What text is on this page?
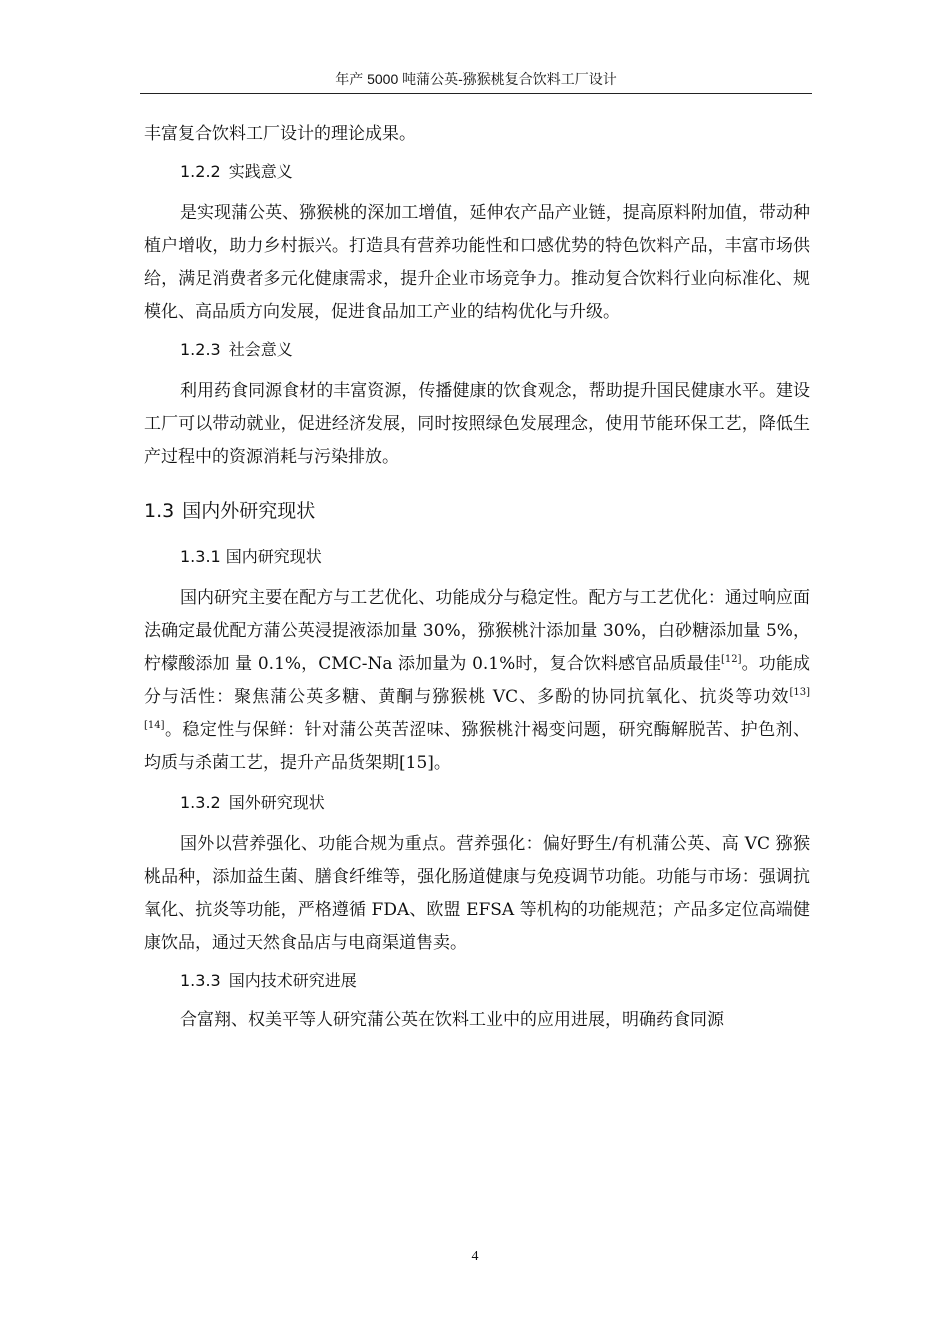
年产 5000 吨蒲公英-猕猴桃复合饮料工厂设计

丰富复合饮料工厂设计的理论成果。

1.2.2 实践意义

是实现蒲公英、猕猴桃的深加工增值，延伸农产品产业链，提高原料附加值，带动种植户增收，助力乡村振兴。打造具有营养功能性和口感优势的特色饮料产品，丰富市场供给，满足消费者多元化健康需求，提升企业市场竞争力。推动复合饮料行业向标准化、规模化、高品质方向发展，促进食品加工产业的结构优化与升级。

1.2.3 社会意义

利用药食同源食材的丰富资源，传播健康的饮食观念，帮助提升国民健康水平。建设工厂可以带动就业，促进经济发展，同时按照绿色发展理念，使用节能环保工艺，降低生产过程中的资源消耗与污染排放。

1.3 国内外研究现状
1.3.1 国内研究现状

国内研究主要在配方与工艺优化、功能成分与稳定性。配方与工艺优化：通过响应面法确定最优配方蒲公英浸提液添加量 30%，猕猴桃汁添加量 30%，白砂糖添加量 5%，柠檬酸添加 量 0.1%，CMC-Na 添加量为 0.1%时，复合饮料感官品质最佳[12]。功能成分与活性：聚焦蒲公英多糖、黄酮与猕猴桃 VC、多酚的协同抗氧化、抗炎等功效[13][14]。稳定性与保鲜：针对蒲公英苦涩味、猕猴桃汁褐变问题，研究酶解脱苦、护色剂、均质与杀菌工艺，提升产品货架期[15]。

1.3.2 国外研究现状

国外以营养强化、功能合规为重点。营养强化：偏好野生/有机蒲公英、高 VC 猕猴桃品种，添加益生菌、膳食纤维等，强化肠道健康与免疫调节功能。功能与市场：强调抗氧化、抗炎等功能，严格遵循 FDA、欧盟 EFSA 等机构的功能规范；产品多定位高端健康饮品，通过天然食品店与电商渠道售卖。

1.3.3 国内技术研究进展

合富翔、权美平等人研究蒲公英在饮料工业中的应用进展，明确药食同源

4
